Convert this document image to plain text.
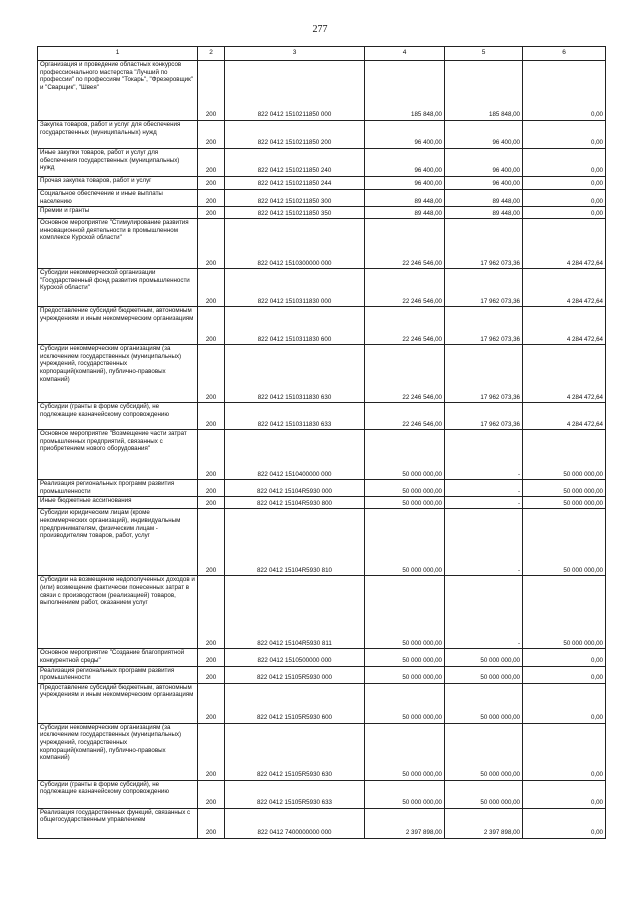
277
1	2	3	4	5	6
Организация и проведение областных конкурсов профессионального мастерства "Лучший по профессии" по профессиям "Токарь", "Фрезеровщик" и "Сварщик", "Швея"	200	822 0412 1510211850 000	185 848,00	185 848,00	0,00
Закупка товаров, работ и услуг для обеспечения государственных (муниципальных) нужд	200	822 0412 1510211850 200	96 400,00	96 400,00	0,00
Иные закупки товаров, работ и услуг для обеспечения государственных (муниципальных) нужд	200	822 0412 1510211850 240	96 400,00	96 400,00	0,00
Прочая закупка товаров, работ и услуг	200	822 0412 1510211850 244	96 400,00	96 400,00	0,00
Социальное обеспечение и иные выплаты населению	200	822 0412 1510211850 300	89 448,00	89 448,00	0,00
Премии и гранты	200	822 0412 1510211850 350	89 448,00	89 448,00	0,00
Основное мероприятие "Стимулирование развития инновационной деятельности в промышленном комплексе Курской области"	200	822 0412 1510300000 000	22 246 546,00	17 962 073,36	4 284 472,64
Субсидии некоммерческой организации "Государственный фонд развития промышленности Курской области"	200	822 0412 1510311830 000	22 246 546,00	17 962 073,36	4 284 472,64
Предоставление субсидий бюджетным, автономным учреждениям и иным некоммерческим организациям	200	822 0412 1510311830 600	22 246 546,00	17 962 073,36	4 284 472,64
Субсидии некоммерческим организациям (за исключением государственных (муниципальных) учреждений, государственных корпораций(компаний), публично-правовых компаний)	200	822 0412 1510311830 630	22 246 546,00	17 962 073,36	4 284 472,64
Субсидии (гранты в форме субсидий), не подлежащие казначейскому сопровождению	200	822 0412 1510311830 633	22 246 546,00	17 962 073,36	4 284 472,64
Основное мероприятие "Возмещение части затрат промышленных предприятий, связанных с приобретением нового оборудования"	200	822 0412 1510400000 000	50 000 000,00	-	50 000 000,00
Реализация региональных программ развития промышленности	200	822 0412 15104R5930 000	50 000 000,00	-	50 000 000,00
Иные бюджетные ассигнования	200	822 0412 15104R5930 800	50 000 000,00	-	50 000 000,00
Субсидии юридическим лицам (кроме некоммерческих организаций), индивидуальным предпринимателям, физическим лицам - производителям товаров, работ, услуг	200	822 0412 15104R5930 810	50 000 000,00	-	50 000 000,00
Субсидии на возмещение недополученных доходов и (или) возмещение фактически понесенных затрат в связи с производством (реализацией) товаров, выполнением работ, оказанием услуг	200	822 0412 15104R5930 811	50 000 000,00	-	50 000 000,00
Основное мероприятие "Создание благоприятной конкурентной среды"	200	822 0412 1510500000 000	50 000 000,00	50 000 000,00	0,00
Реализация региональных программ развития промышленности	200	822 0412 15105R5930 000	50 000 000,00	50 000 000,00	0,00
Предоставление субсидий бюджетным, автономным учреждениям и иным некоммерческим организациям	200	822 0412 15105R5930 600	50 000 000,00	50 000 000,00	0,00
Субсидии некоммерческим организациям (за исключением государственных (муниципальных) учреждений, государственных корпораций(компаний), публично-правовых компаний)	200	822 0412 15105R5930 630	50 000 000,00	50 000 000,00	0,00
Субсидии (гранты в форме субсидий), не подлежащие казначейскому сопровождению	200	822 0412 15105R5930 633	50 000 000,00	50 000 000,00	0,00
Реализация государственных функций, связанных с общегосударственным управлением	200	822 0412 7400000000 000	2 397 898,00	2 397 898,00	0,00
